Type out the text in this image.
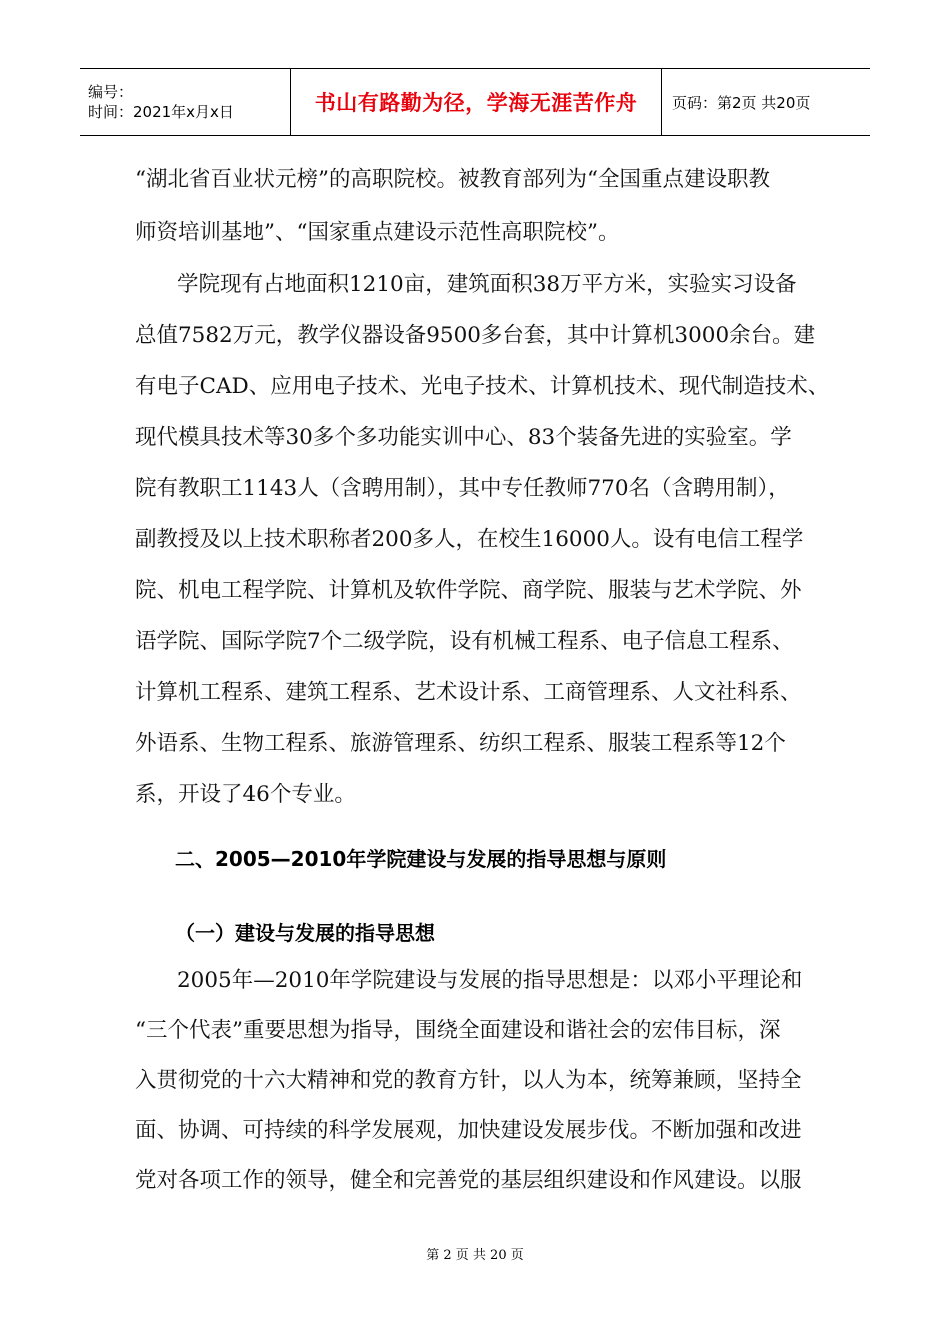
编号：
时间：2021年x月x日	书山有路勤为径，学海无涯苦作舟	页码：第2页 共20页
“湖北省百业状元榜”的高职院校。被教育部列为“全国重点建设职教
师资培训基地”、“国家重点建设示范性高职院校”。
学院现有占地面积1210亩，建筑面积38万平方米，实验实习设备
总值7582万元，教学仪器设备9500多台套，其中计算机3000余台。建
有电子CAD、应用电子技术、光电子技术、计算机技术、现代制造技术、
现代模具技术等30多个多功能实训中心、83个装备先进的实验室。学
院有教职工1143人（含聘用制），其中专任教师770名（含聘用制），
副教授及以上技术职称者200多人，在校生16000人。设有电信工程学
院、机电工程学院、计算机及软件学院、商学院、服装与艺术学院、外
语学院、国际学院7个二级学院，设有机械工程系、电子信息工程系、
计算机工程系、建筑工程系、艺术设计系、工商管理系、人文社科系、
外语系、生物工程系、旅游管理系、纺织工程系、服装工程系等12个
系，开设了46个专业。
二、2005—2010年学院建设与发展的指导思想与原则
（一）建设与发展的指导思想
2005年—2010年学院建设与发展的指导思想是：以邓小平理论和
“三个代表”重要思想为指导，围绕全面建设和谐社会的宏伟目标，深
入贯彻党的十六大精神和党的教育方针，以人为本，统筹兼顾，坚持全
面、协调、可持续的科学发展观，加快建设发展步伐。不断加强和改进
党对各项工作的领导，健全和完善党的基层组织建设和作风建设。以服
第 2 页 共 20 页
